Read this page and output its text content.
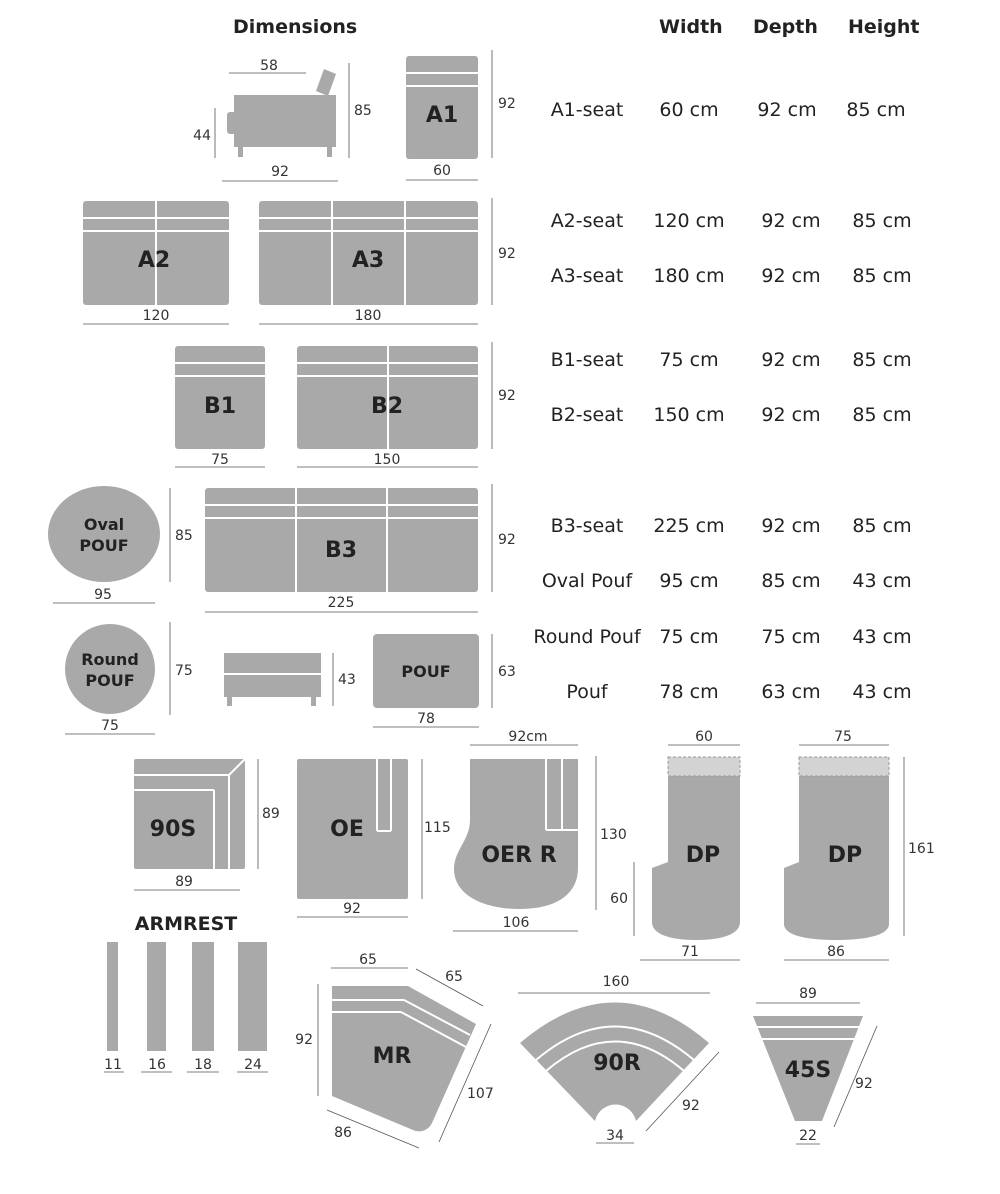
Dimensions	Width Depth Height
A1-seat	60 cm	92 cm	85 cm
A2-seat	120 cm	92 cm	85 cm
A3-seat	180 cm	92 cm	85 cm
B1-seat	75 cm	92 cm	85 cm
B2-seat	150 cm	92 cm	85 cm
B3-seat	225 cm	92 cm	85 cm
Oval Pouf	95 cm	85 cm	43 cm
Round Pouf 75 cm	75 cm	43 cm
Pouf	78 cm	63 cm	43 cm
58
44
85
92
A1	92
60
A2
120
A3
180
92
B1
75
B2
150
92
Oval
POUF	85
95
B3
225
92
Round
POUF	75
75
43	POUF	63
78
90S
89
89
OE	115
92
OER R
92cm
130
106
DP
60
60
71
DP
75
161
86
ARMREST
11 16 18 24	MR
65
65
92
107
86
90R
160
92
34
45S
89
92
22
